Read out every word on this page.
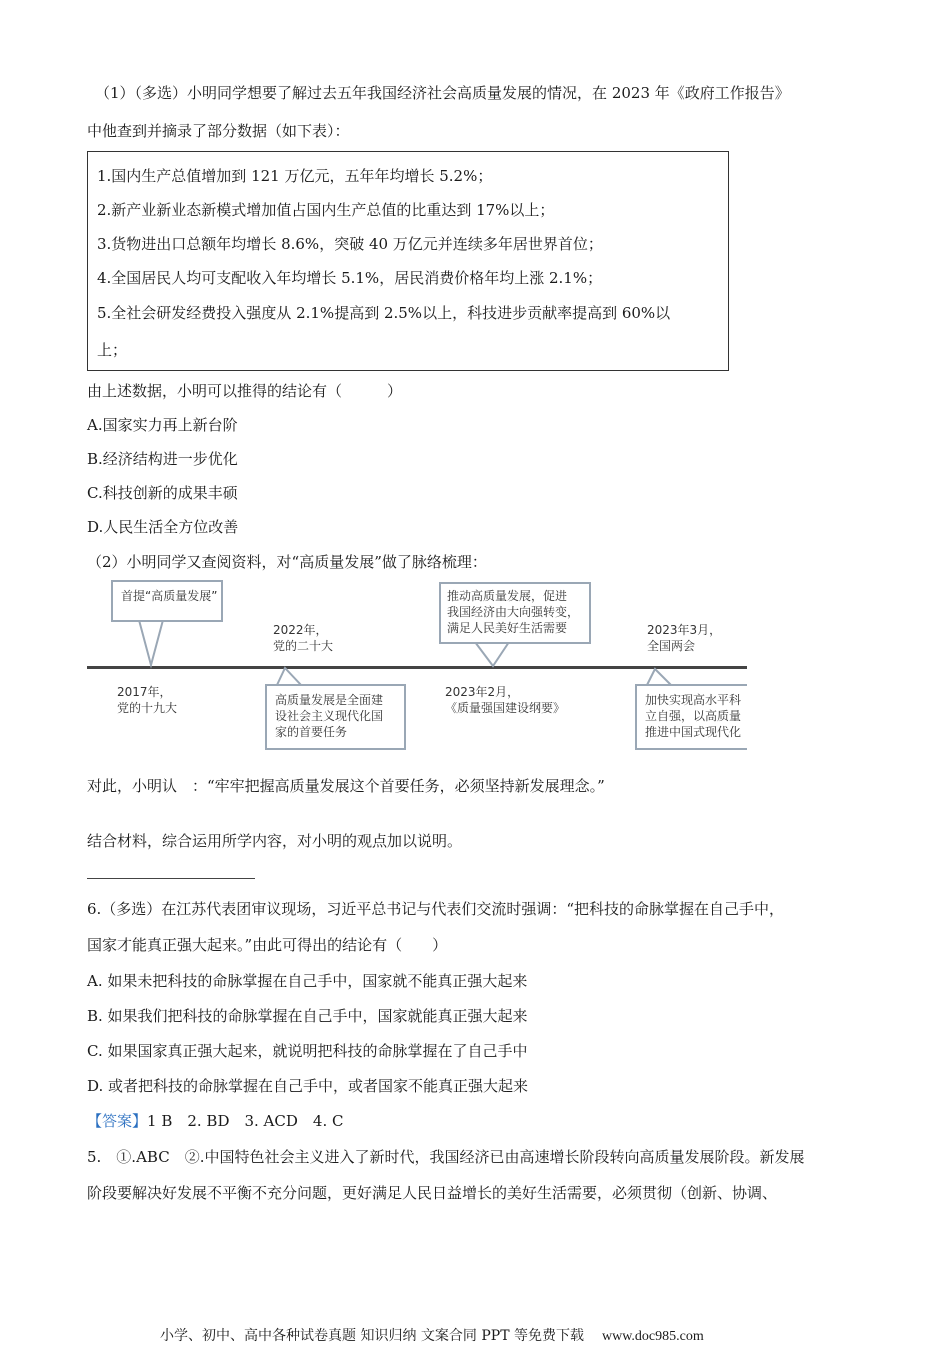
（1）（多选）小明同学想要了解过去五年我国经济社会高质量发展的情况，在 2023 年《政府工作报告》
中他查到并摘录了部分数据（如下表）：
1.国内生产总值增加到 121 万亿元，五年年均增长 5.2%；
2.新产业新业态新模式增加值占国内生产总值的比重达到 17%以上；
3.货物进出口总额年均增长 8.6%，突破 40 万亿元并连续多年居世界首位；
4.全国居民人均可支配收入年均增长 5.1%，居民消费价格年均上涨 2.1%；
5.全社会研发经费投入强度从 2.1%提高到 2.5%以上，科技进步贡献率提高到 60%以
上；
由上述数据，小明可以推得的结论有（　　　）
A.国家实力再上新台阶
B.经济结构进一步优化
C.科技创新的成果丰硕
D.人民生活全方位改善
（2）小明同学又查阅资料，对“高质量发展”做了脉络梳理：
首提“高质量发展”
2017年，
党的十九大
2022年，
党的二十大
高质量发展是全面建
设社会主义现代化国
家的首要任务
推动高质量发展，促进
我国经济由大向强转变，
满足人民美好生活需要
2023年2月，
《质量强国建设纲要》
2023年3月，
全国两会
加快实现高水平科
立自强，以高质量
推进中国式现代化
对此，小明认　：“牢牢把握高质量发展这个首要任务，必须坚持新发展理念。”
结合材料，综合运用所学内容，对小明的观点加以说明。
6.（多选）在江苏代表团审议现场，习近平总书记与代表们交流时强调：“把科技的命脉掌握在自己手中，
国家才能真正强大起来。”由此可得出的结论有（　　）
A. 如果未把科技的命脉掌握在自己手中，国家就不能真正强大起来
B. 如果我们把科技的命脉掌握在自己手中，国家就能真正强大起来
C. 如果国家真正强大起来，就说明把科技的命脉掌握在了自己手中
D. 或者把科技的命脉掌握在自己手中，或者国家不能真正强大起来
【答案】1 B　2. BD　3. ACD　4. C
5.　①.ABC　②.中国特色社会主义进入了新时代，我国经济已由高速增长阶段转向高质量发展阶段。新发展
阶段要解决好发展不平衡不充分问题，更好满足人民日益增长的美好生活需要，必须贯彻（创新、协调、
小学、初中、高中各种试卷真题 知识归纳 文案合同 PPT 等免费下载 www.doc985.com
